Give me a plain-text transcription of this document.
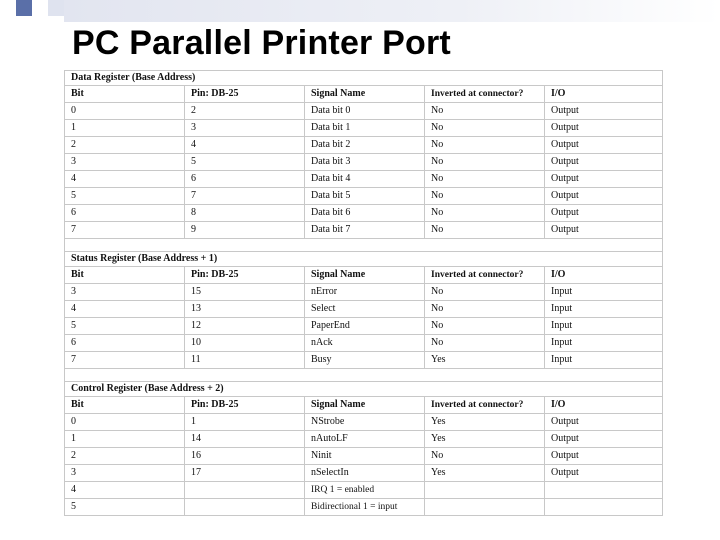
PC Parallel Printer Port
Data Register (Base Address)				
Bit	Pin: DB-25	Signal Name	Inverted at connector?	I/O
0	2	Data bit 0	No	Output
1	3	Data bit 1	No	Output
2	4	Data bit 2	No	Output
3	5	Data bit 3	No	Output
4	6	Data bit 4	No	Output
5	7	Data bit 5	No	Output
6	8	Data bit 6	No	Output
7	9	Data bit 7	No	Output

Status Register (Base Address + 1)				
Bit	Pin: DB-25	Signal Name	Inverted at connector?	I/O
3	15	nError	No	Input
4	13	Select	No	Input
5	12	PaperEnd	No	Input
6	10	nAck	No	Input
7	11	Busy	Yes	Input

Control Register (Base Address + 2)				
Bit	Pin: DB-25	Signal Name	Inverted at connector?	I/O
0	1	NStrobe	Yes	Output
1	14	nAutoLF	Yes	Output
2	16	Ninit	No	Output
3	17	nSelectIn	Yes	Output
4		IRQ 1 = enabled		
5		Bidirectional 1 = input		
